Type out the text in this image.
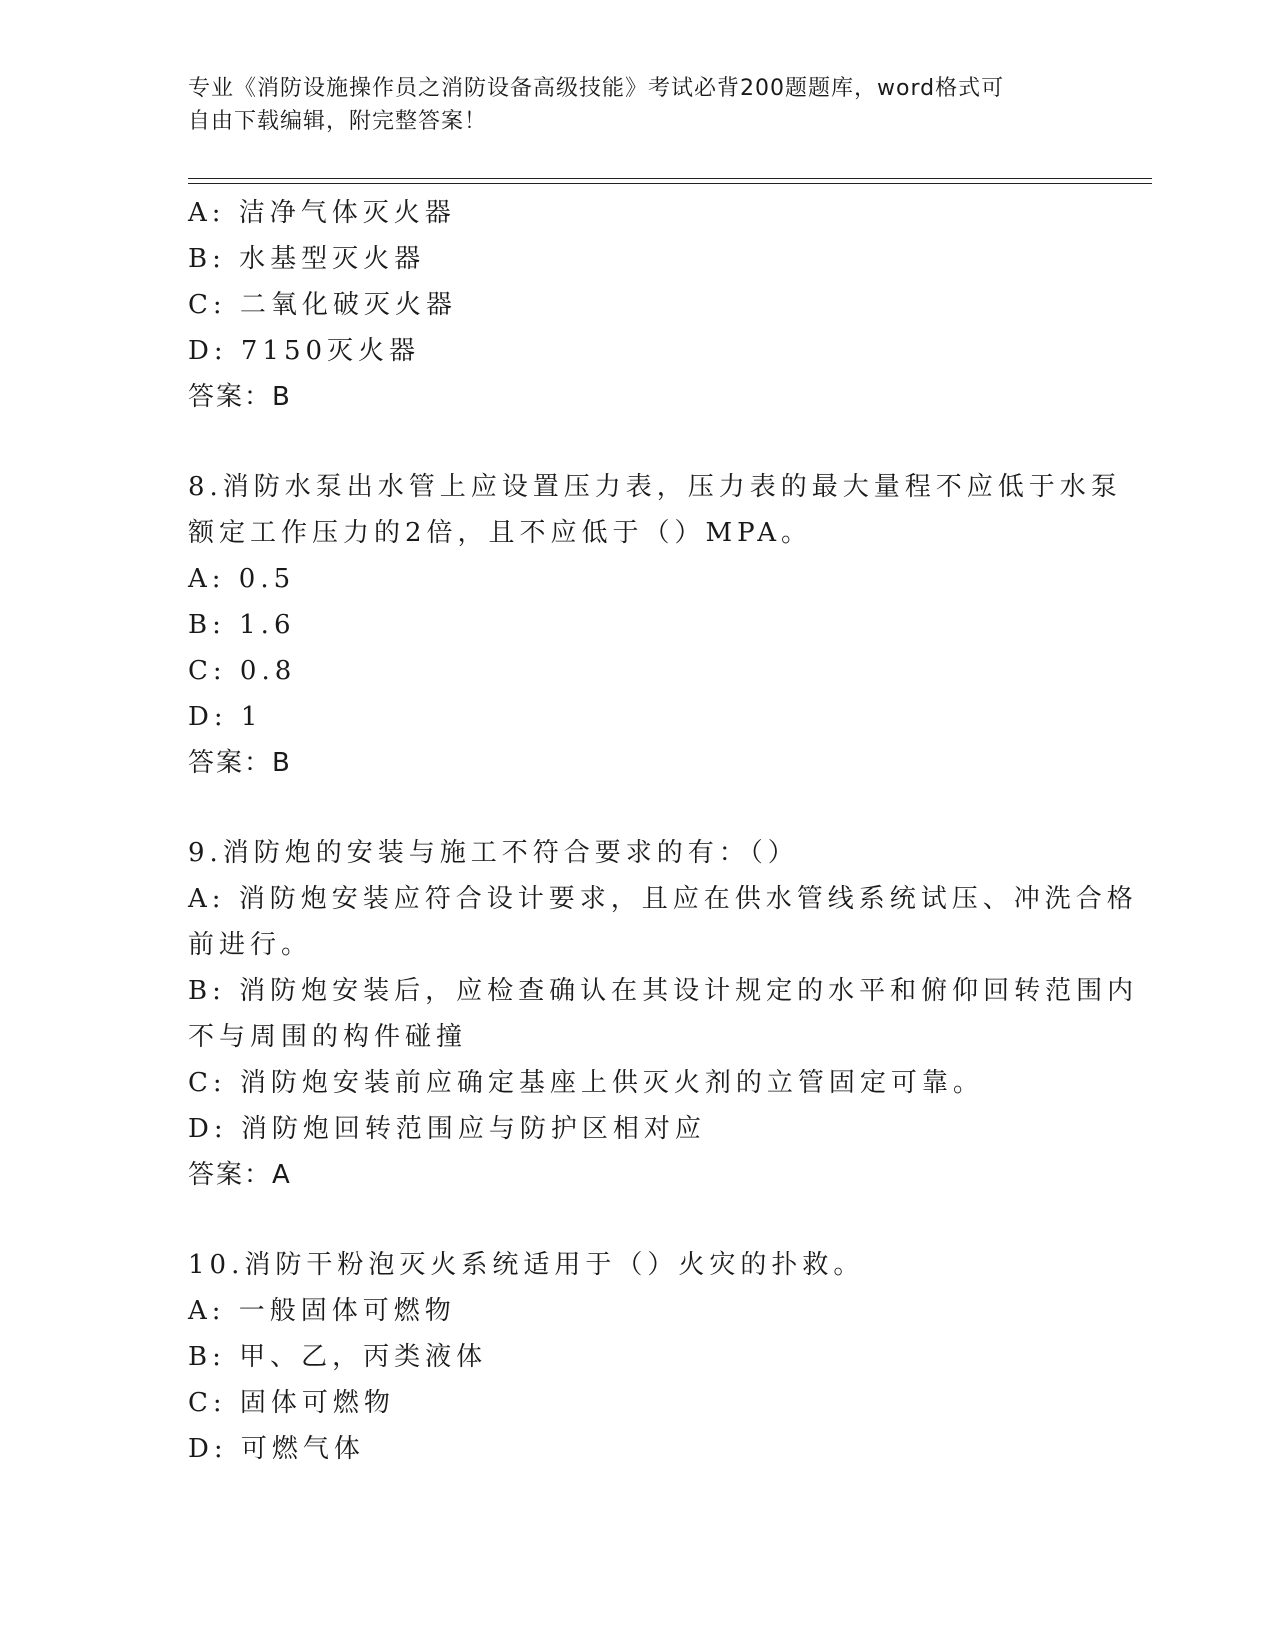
专业《消防设施操作员之消防设备高级技能》考试必背200题题库，word格式可
自由下载编辑，附完整答案！
A: 洁净气体灭火器
B: 水基型灭火器
C: 二氧化破灭火器
D: 7150灭火器
答案：B
8.消防水泵出水管上应设置压力表，压力表的最大量程不应低于水泵
额定工作压力的2倍，且不应低于（）MPA。
A: 0.5
B: 1.6
C: 0.8
D: 1
答案：B
9.消防炮的安装与施工不符合要求的有：（）
A: 消防炮安装应符合设计要求，且应在供水管线系统试压、冲洗合格
前进行。
B: 消防炮安装后，应检查确认在其设计规定的水平和俯仰回转范围内
不与周围的构件碰撞
C: 消防炮安装前应确定基座上供灭火剂的立管固定可靠。
D: 消防炮回转范围应与防护区相对应
答案：A
10.消防干粉泡灭火系统适用于（）火灾的扑救。
A: 一般固体可燃物
B: 甲、乙，丙类液体
C: 固体可燃物
D: 可燃气体
